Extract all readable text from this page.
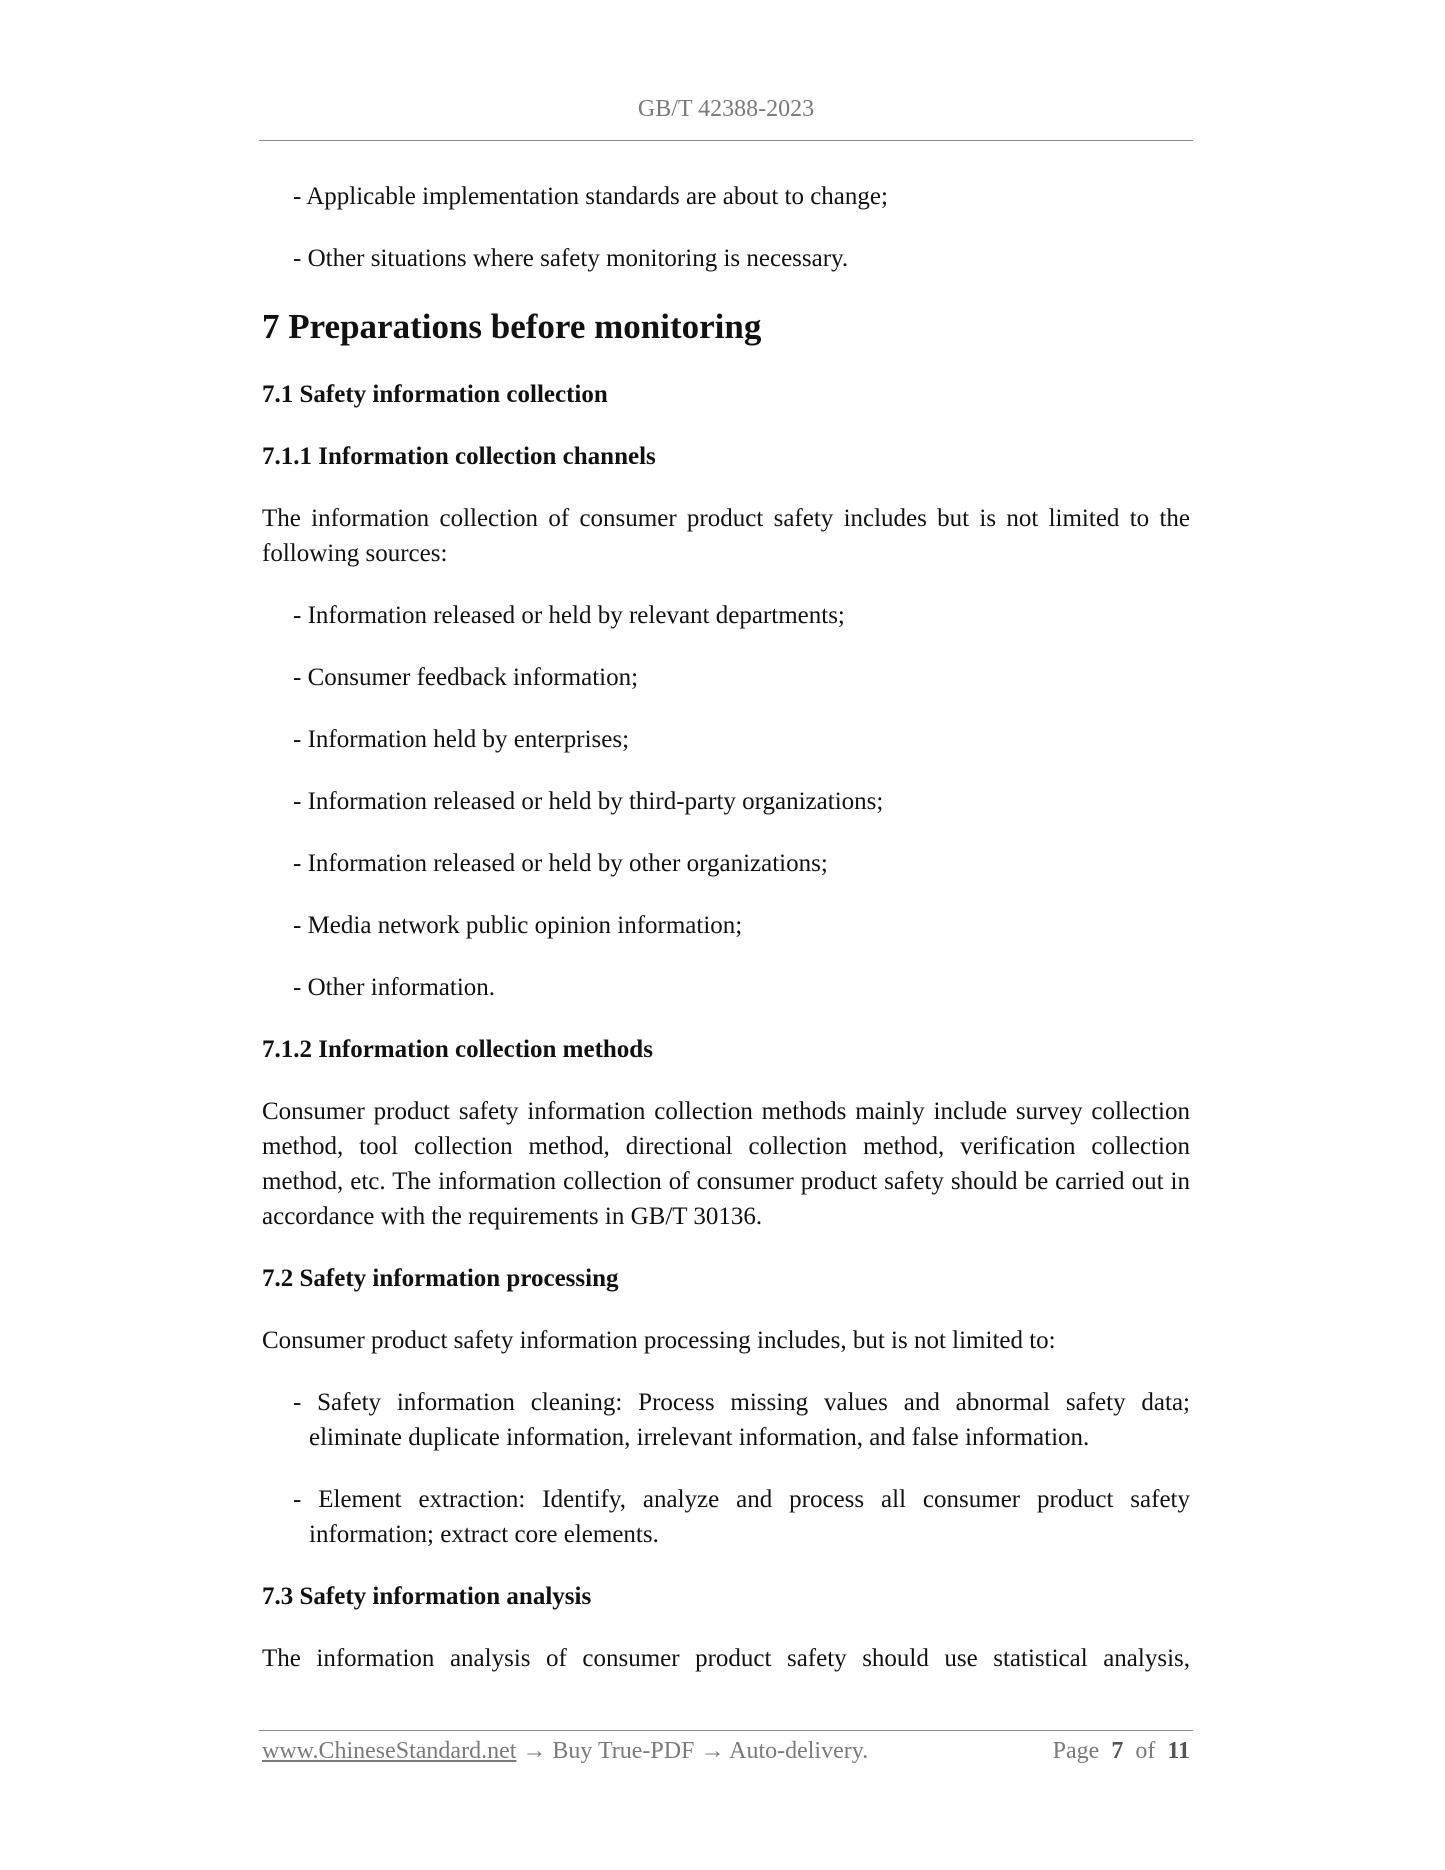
GB/T 42388-2023

- Applicable implementation standards are about to change;

- Other situations where safety monitoring is necessary.

7 Preparations before monitoring
7.1 Safety information collection
7.1.1 Information collection channels

The information collection of consumer product safety includes but is not limited to the following sources:

- Information released or held by relevant departments;

- Consumer feedback information;

- Information held by enterprises;

- Information released or held by third-party organizations;

- Information released or held by other organizations;

- Media network public opinion information;

- Other information.

7.1.2 Information collection methods

Consumer product safety information collection methods mainly include survey collection method, tool collection method, directional collection method, verification collection method, etc. The information collection of consumer product safety should be carried out in accordance with the requirements in GB/T 30136.

7.2 Safety information processing

Consumer product safety information processing includes, but is not limited to:

- Safety information cleaning: Process missing values and abnormal safety data; eliminate duplicate information, irrelevant information, and false information.

- Element extraction: Identify, analyze and process all consumer product safety information; extract core elements.

7.3 Safety information analysis

The information analysis of consumer product safety should use statistical analysis,

www.ChineseStandard.net → Buy True-PDF → Auto-delivery.	Page 7 of 11
